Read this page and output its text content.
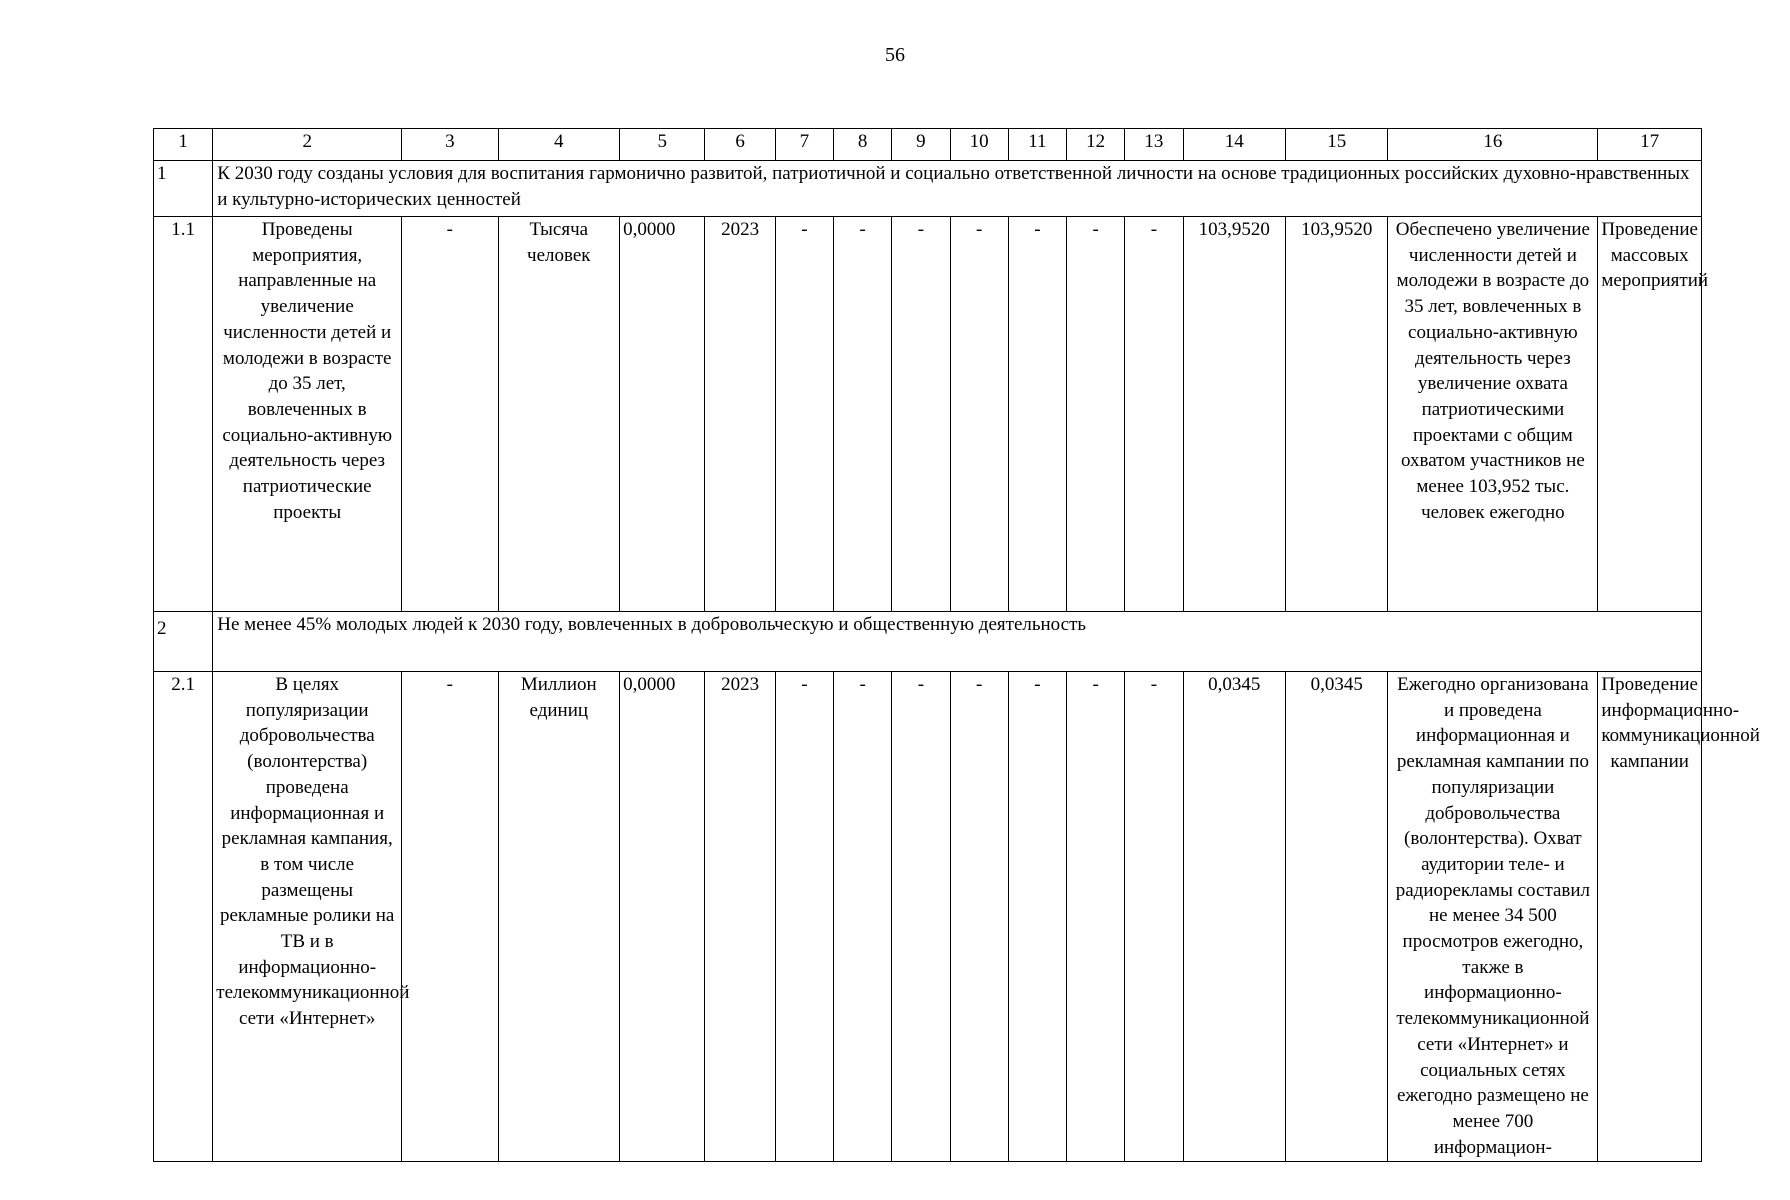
56
1	2	3	4	5	6	7	8	9	10	11	12	13	14	15	16	17
1	К 2030 году созданы условия для воспитания гармонично развитой, патриотичной и социально ответственной личности на основе традиционных российских духовно-нравственных и культурно-исторических ценностей															
1.1	Проведены мероприятия, направленные на увеличение численности детей и молодежи в возрасте до 35 лет, вовлеченных в социально-активную деятельность через патриотические проекты	-	Тысяча человек	0,0000	2023	-	-	-	-	-	-	-	103,9520	103,9520	Обеспечено увеличение численности детей и молодежи в возрасте до 35 лет, вовлеченных в социально-активную деятельность через увеличение охвата патриотическими проектами с общим охватом участников не менее 103,952 тыс. человек ежегодно	Проведение массовых мероприятий
2	Не менее 45% молодых людей к 2030 году, вовлеченных в добровольческую и общественную деятельность															
2.1	В целях популяризации добровольчества (волонтерства) проведена информационная и рекламная кампания, в том числе размещены рекламные ролики на ТВ и в информационно-телекоммуникационной сети «Интернет»	-	Миллион единиц	0,0000	2023	-	-	-	-	-	-	-	0,0345	0,0345	Ежегодно организована и проведена информационная и рекламная кампании по популяризации добровольчества (волонтерства). Охват аудитории теле- и радиорекламы составил не менее 34 500 просмотров ежегодно, также в информационно-телекоммуникационной сети «Интернет» и социальных сетях ежегодно размещено не менее 700 информацион-	Проведение информационно-коммуникационной кампании
